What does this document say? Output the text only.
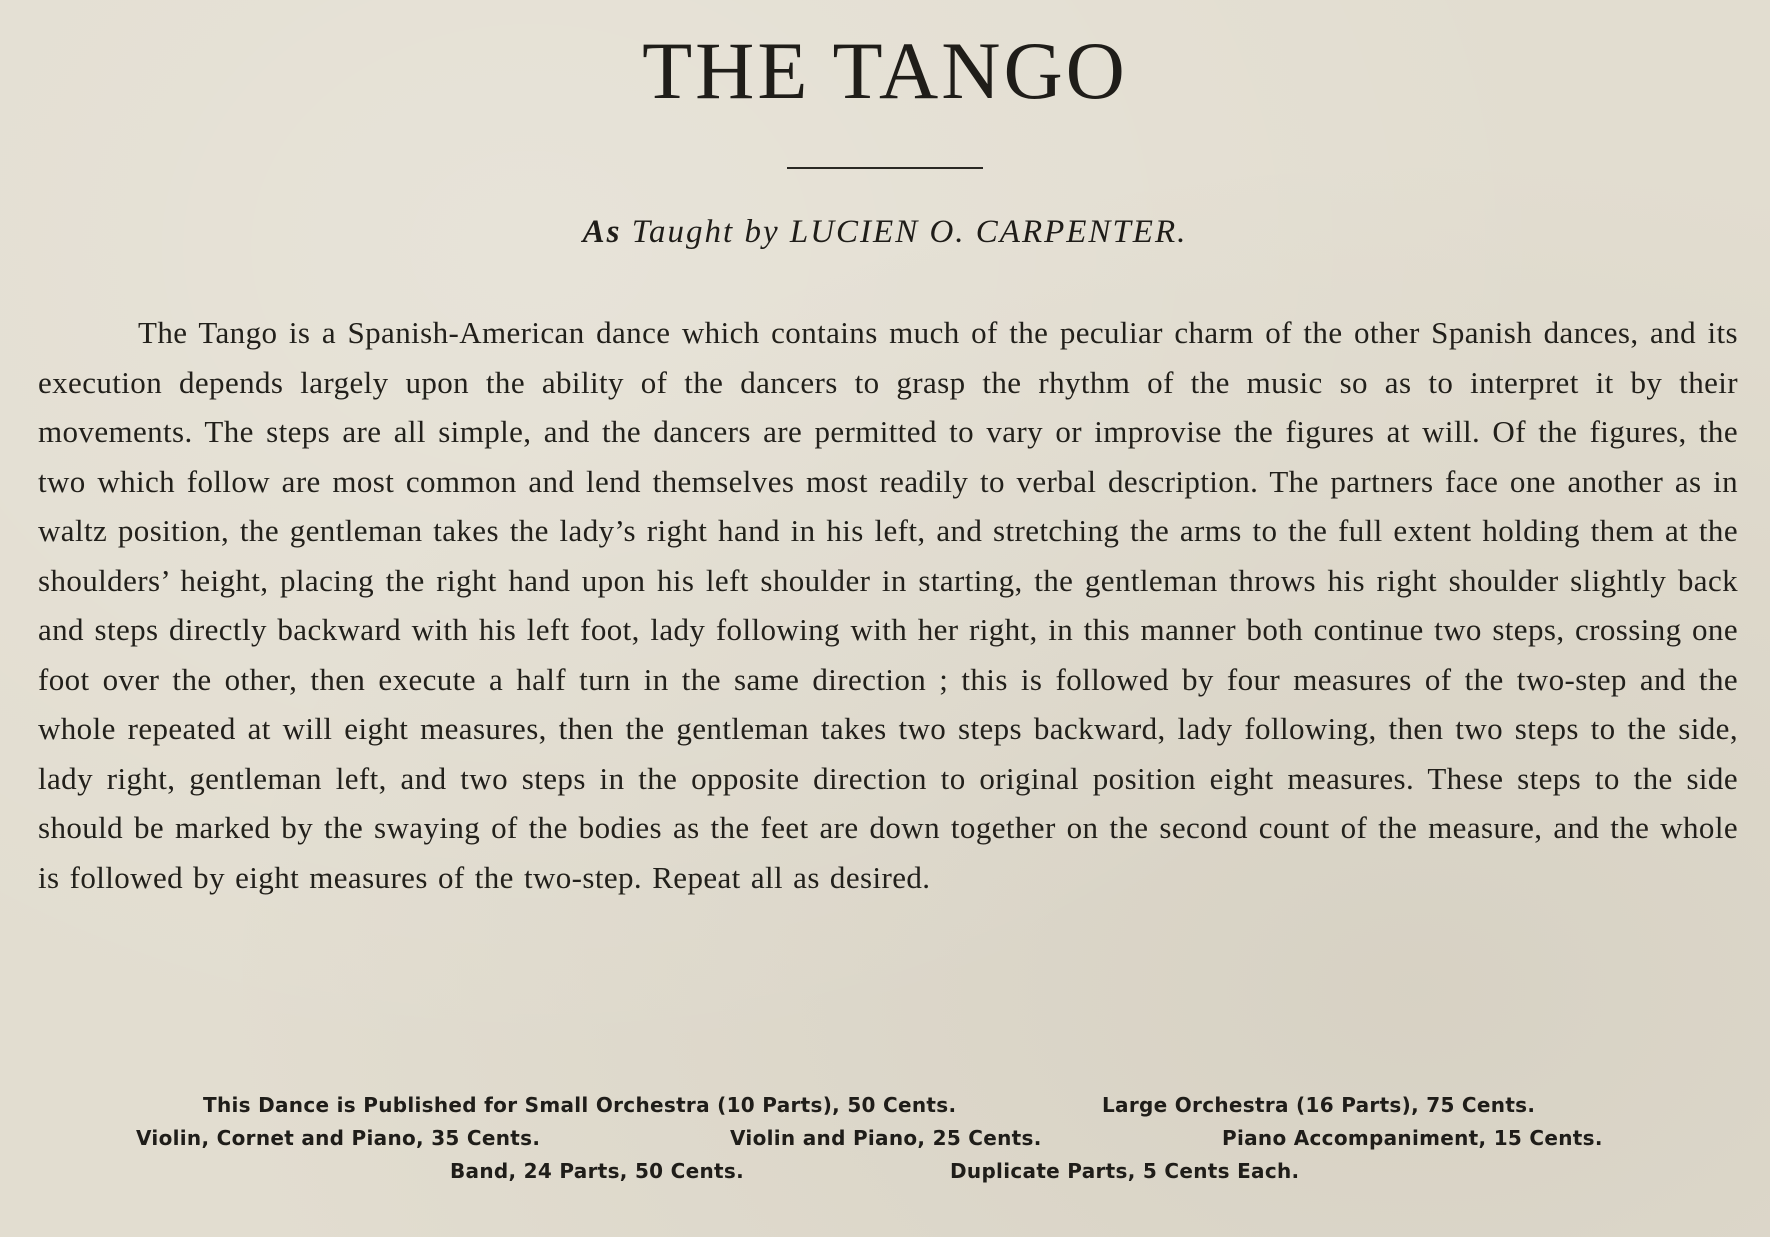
THE TANGO

As Taught by LUCIEN O. CARPENTER.

The Tango is a Spanish-American dance which contains much of the peculiar charm of the other Spanish dances, and its execution depends largely upon the ability of the dancers to grasp the rhythm of the music so as to interpret it by their movements. The steps are all simple, and the dancers are permitted to vary or improvise the figures at will. Of the figures, the two which follow are most common and lend themselves most readily to verbal description. The partners face one another as in waltz position, the gentleman takes the lady’s right hand in his left, and stretching the arms to the full extent holding them at the shoulders’ height, placing the right hand upon his left shoulder in starting, the gentleman throws his right shoulder slightly back and steps directly backward with his left foot, lady following with her right, in this manner both continue two steps, crossing one foot over the other, then execute a half turn in the same direction ; this is followed by four measures of the two-step and the whole repeated at will eight measures, then the gentleman takes two steps backward, lady following, then two steps to the side, lady right, gentleman left, and two steps in the opposite direction to original position eight measures. These steps to the side should be marked by the swaying of the bodies as the feet are down together on the second count of the measure, and the whole is followed by eight measures of the two-step. Repeat all as desired.

This Dance is Published for Small Orchestra (10 Parts), 50 Cents.	Large Orchestra (16 Parts), 75 Cents.
Violin, Cornet and Piano, 35 Cents.	Violin and Piano, 25 Cents.	Piano Accompaniment, 15 Cents.
Band, 24 Parts, 50 Cents.	Duplicate Parts, 5 Cents Each.
